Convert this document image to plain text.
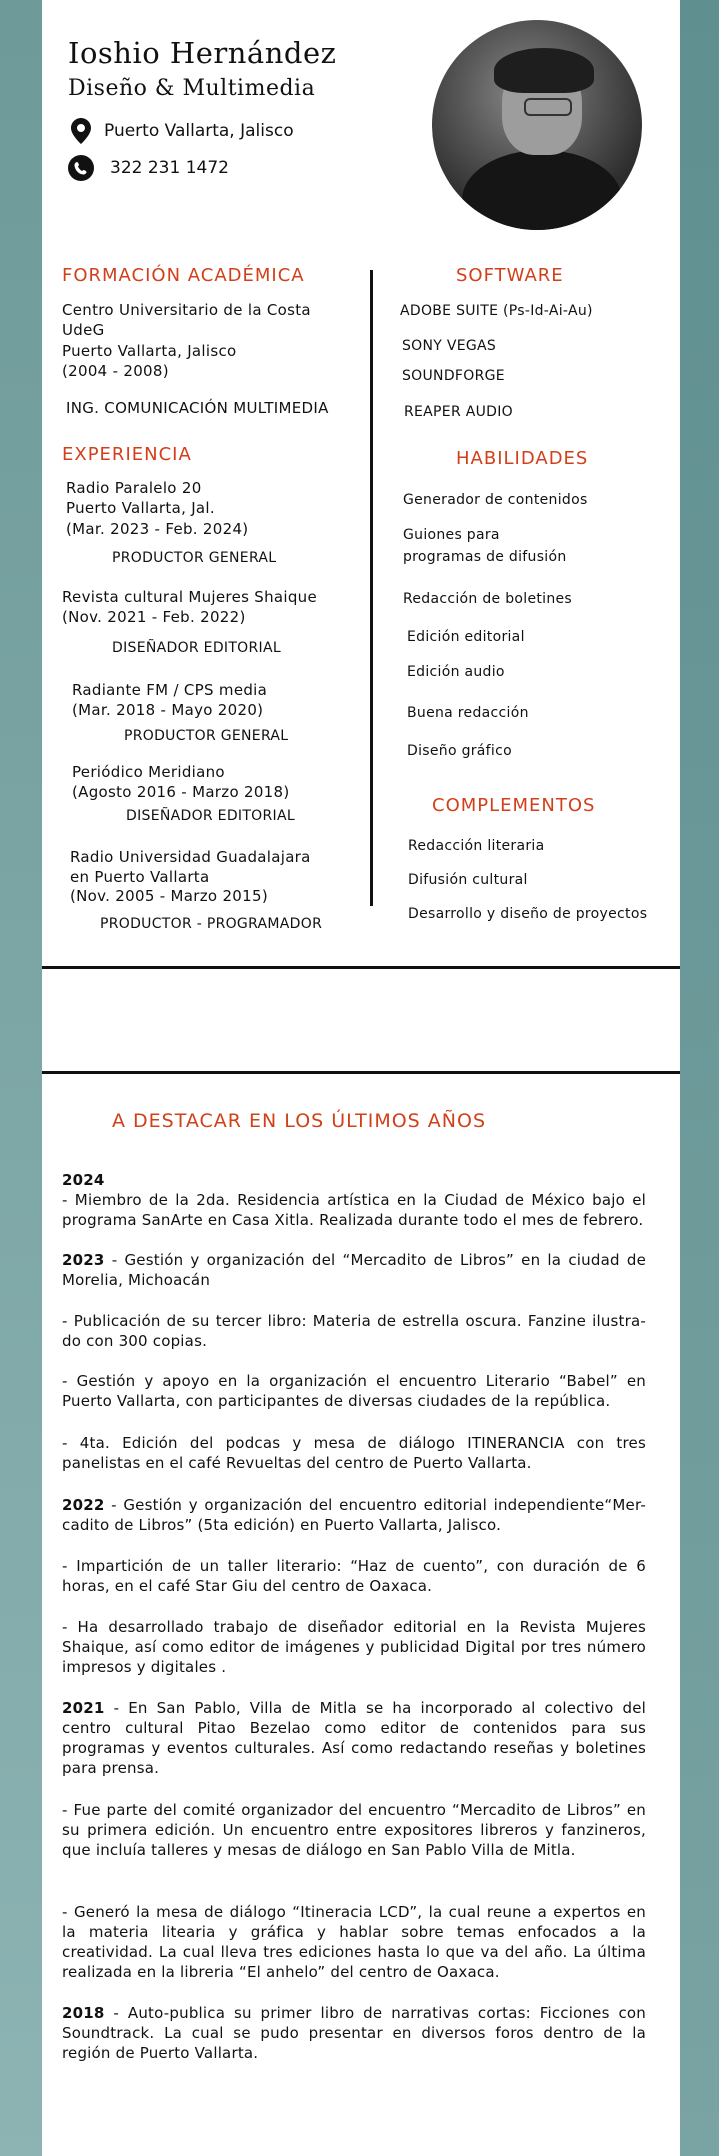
Ioshio Hernández
Diseño & Multimedia
Puerto Vallarta, Jalisco
322 231 1472
FORMACIÓN ACADÉMICA
Centro Universitario de la Costa
UdeG
Puerto Vallarta, Jalisco
(2004 - 2008)
ING. COMUNICACIÓN MULTIMEDIA
EXPERIENCIA
Radio Paralelo 20
Puerto Vallarta, Jal.
(Mar. 2023 - Feb. 2024)
PRODUCTOR GENERAL
Revista cultural Mujeres Shaique
(Nov. 2021 - Feb. 2022)
DISEÑADOR EDITORIAL
Radiante FM / CPS media
(Mar. 2018 - Mayo 2020)
PRODUCTOR GENERAL
Periódico Meridiano
(Agosto 2016 - Marzo 2018)
DISEÑADOR EDITORIAL
Radio Universidad Guadalajara
en Puerto Vallarta
(Nov. 2005 - Marzo 2015)
PRODUCTOR - PROGRAMADOR
SOFTWARE
ADOBE SUITE (Ps-Id-Ai-Au)
SONY VEGAS
SOUNDFORGE
REAPER AUDIO
HABILIDADES
Generador de contenidos
Guiones para
programas de difusión
Redacción de boletines
Edición editorial
Edición audio
Buena redacción
Diseño gráfico
COMPLEMENTOS
Redacción literaria
Difusión cultural
Desarrollo y diseño de proyectos
A DESTACAR EN LOS ÚLTIMOS AÑOS
2024
- Miembro de la 2da. Residencia artística en la Ciudad de México bajo el programa SanArte en Casa Xitla. Realizada durante todo el mes de febrero.
2023 - Gestión y organización del “Mercadito de Libros” en la ciudad de Morelia, Michoacán
- Publicación de su tercer libro: Materia de estrella oscura. Fanzine ilustra-do con 300 copias.
- Gestión y apoyo en la organización el encuentro Literario “Babel” en Puerto Vallarta, con participantes de diversas ciudades de la república.
- 4ta. Edición del podcas y mesa de diálogo ITINERANCIA con tres panelistas en el café Revueltas del centro de Puerto Vallarta.
2022 - Gestión y organización del encuentro editorial independiente“Mer-cadito de Libros” (5ta edición) en Puerto Vallarta, Jalisco.
- Impartición de un taller literario: “Haz de cuento”, con duración de 6 horas, en el café Star Giu del centro de Oaxaca.
- Ha desarrollado trabajo de diseñador editorial en la Revista Mujeres Shaique, así como editor de imágenes y publicidad Digital por tres número impresos y digitales .
2021 - En San Pablo, Villa de Mitla se ha incorporado al colectivo del centro cultural Pitao Bezelao como editor de contenidos para sus programas y eventos culturales. Así como redactando reseñas y boletines para prensa.
- Fue parte del comité organizador del encuentro “Mercadito de Libros” en su primera edición. Un encuentro entre expositores libreros y fanzineros, que incluía talleres y mesas de diálogo en San Pablo Villa de Mitla.
- Generó la mesa de diálogo “Itineracia LCD”, la cual reune a expertos en la materia litearia y gráfica y hablar sobre temas enfocados a la creatividad. La cual lleva tres ediciones hasta lo que va del año. La última realizada en la libreria “El anhelo” del centro de Oaxaca.
2018 - Auto-publica su primer libro de narrativas cortas: Ficciones con Soundtrack. La cual se pudo presentar en diversos foros dentro de la región de Puerto Vallarta.
